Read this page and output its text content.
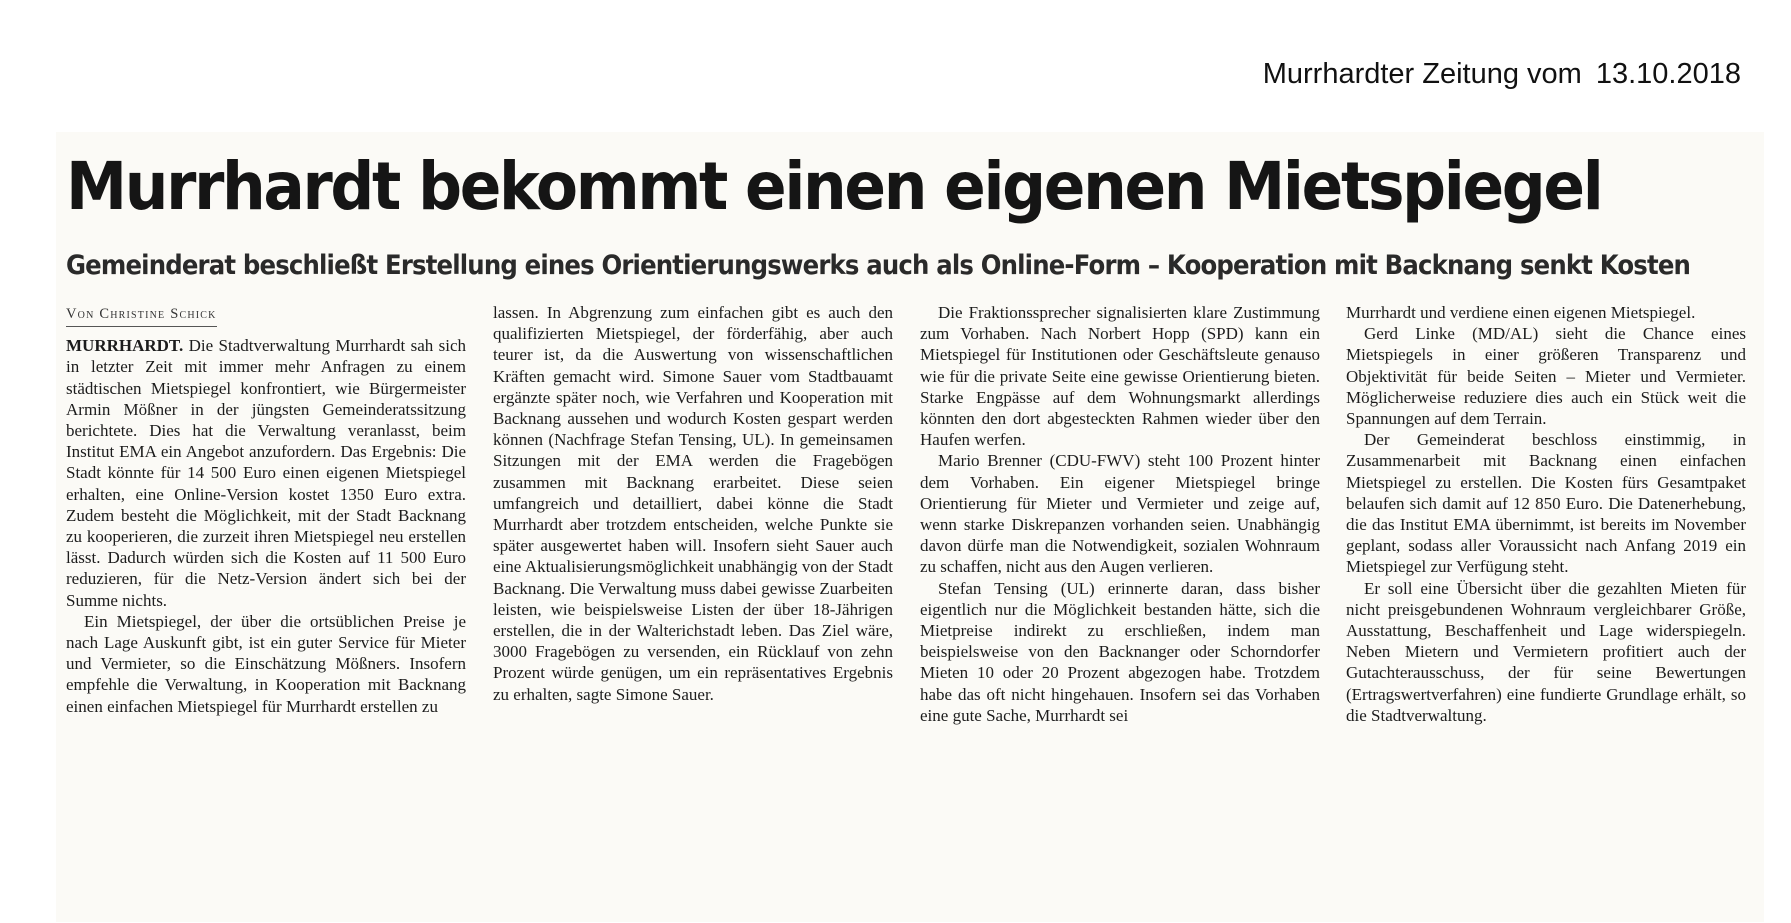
Murrhardter Zeitung vom 13.10.2018
Murrhardt bekommt einen eigenen Mietspiegel
Gemeinderat beschließt Erstellung eines Orientierungswerks auch als Online-Form – Kooperation mit Backnang senkt Kosten

Von Christine Schick

MURRHARDT. Die Stadtverwaltung Murrhardt sah sich in letzter Zeit mit immer mehr Anfragen zu einem städtischen Mietspiegel konfrontiert, wie Bürgermeister Armin Mößner in der jüngsten Gemeinderatssitzung berichtete. Dies hat die Verwaltung veranlasst, beim Institut EMA ein Angebot anzufordern. Das Ergebnis: Die Stadt könnte für 14 500 Euro einen eigenen Mietspiegel erhalten, eine Online-Version kostet 1350 Euro extra. Zudem besteht die Möglichkeit, mit der Stadt Backnang zu kooperieren, die zurzeit ihren Mietspiegel neu erstellen lässt. Dadurch würden sich die Kosten auf 11 500 Euro reduzieren, für die Netz-Version ändert sich bei der Summe nichts.

Ein Mietspiegel, der über die ortsüblichen Preise je nach Lage Auskunft gibt, ist ein guter Service für Mieter und Vermieter, so die Einschätzung Mößners. Insofern empfehle die Verwaltung, in Kooperation mit Backnang einen einfachen Mietspiegel für Murrhardt erstellen zu

lassen. In Abgrenzung zum einfachen gibt es auch den qualifizierten Mietspiegel, der förderfähig, aber auch teurer ist, da die Auswertung von wissenschaftlichen Kräften gemacht wird. Simone Sauer vom Stadtbauamt ergänzte später noch, wie Verfahren und Kooperation mit Backnang aussehen und wodurch Kosten gespart werden können (Nachfrage Stefan Tensing, UL). In gemeinsamen Sitzungen mit der EMA werden die Fragebögen zusammen mit Backnang erarbeitet. Diese seien umfangreich und detailliert, dabei könne die Stadt Murrhardt aber trotzdem entscheiden, welche Punkte sie später ausgewertet haben will. Insofern sieht Sauer auch eine Aktualisierungsmöglichkeit unabhängig von der Stadt Backnang. Die Verwaltung muss dabei gewisse Zuarbeiten leisten, wie beispielsweise Listen der über 18-Jährigen erstellen, die in der Walterichstadt leben. Das Ziel wäre, 3000 Fragebögen zu versenden, ein Rücklauf von zehn Prozent würde genügen, um ein repräsentatives Ergebnis zu erhalten, sagte Simone Sauer.

Die Fraktionssprecher signalisierten klare Zustimmung zum Vorhaben. Nach Norbert Hopp (SPD) kann ein Mietspiegel für Institutionen oder Geschäftsleute genauso wie für die private Seite eine gewisse Orientierung bieten. Starke Engpässe auf dem Wohnungsmarkt allerdings könnten den dort abgesteckten Rahmen wieder über den Haufen werfen.

Mario Brenner (CDU-FWV) steht 100 Prozent hinter dem Vorhaben. Ein eigener Mietspiegel bringe Orientierung für Mieter und Vermieter und zeige auf, wenn starke Diskrepanzen vorhanden seien. Unabhängig davon dürfe man die Notwendigkeit, sozialen Wohnraum zu schaffen, nicht aus den Augen verlieren.

Stefan Tensing (UL) erinnerte daran, dass bisher eigentlich nur die Möglichkeit bestanden hätte, sich die Mietpreise indirekt zu erschließen, indem man beispielsweise von den Backnanger oder Schorndorfer Mieten 10 oder 20 Prozent abgezogen habe. Trotzdem habe das oft nicht hingehauen. Insofern sei das Vorhaben eine gute Sache, Murrhardt sei

Murrhardt und verdiene einen eigenen Mietspiegel.

Gerd Linke (MD/AL) sieht die Chance eines Mietspiegels in einer größeren Transparenz und Objektivität für beide Seiten – Mieter und Vermieter. Möglicherweise reduziere dies auch ein Stück weit die Spannungen auf dem Terrain.

Der Gemeinderat beschloss einstimmig, in Zusammenarbeit mit Backnang einen einfachen Mietspiegel zu erstellen. Die Kosten fürs Gesamtpaket belaufen sich damit auf 12 850 Euro. Die Datenerhebung, die das Institut EMA übernimmt, ist bereits im November geplant, sodass aller Voraussicht nach Anfang 2019 ein Mietspiegel zur Verfügung steht.

Er soll eine Übersicht über die gezahlten Mieten für nicht preisgebundenen Wohnraum vergleichbarer Größe, Ausstattung, Beschaffenheit und Lage widerspiegeln. Neben Mietern und Vermietern profitiert auch der Gutachterausschuss, der für seine Bewertungen (Ertragswertverfahren) eine fundierte Grundlage erhält, so die Stadtverwaltung.
